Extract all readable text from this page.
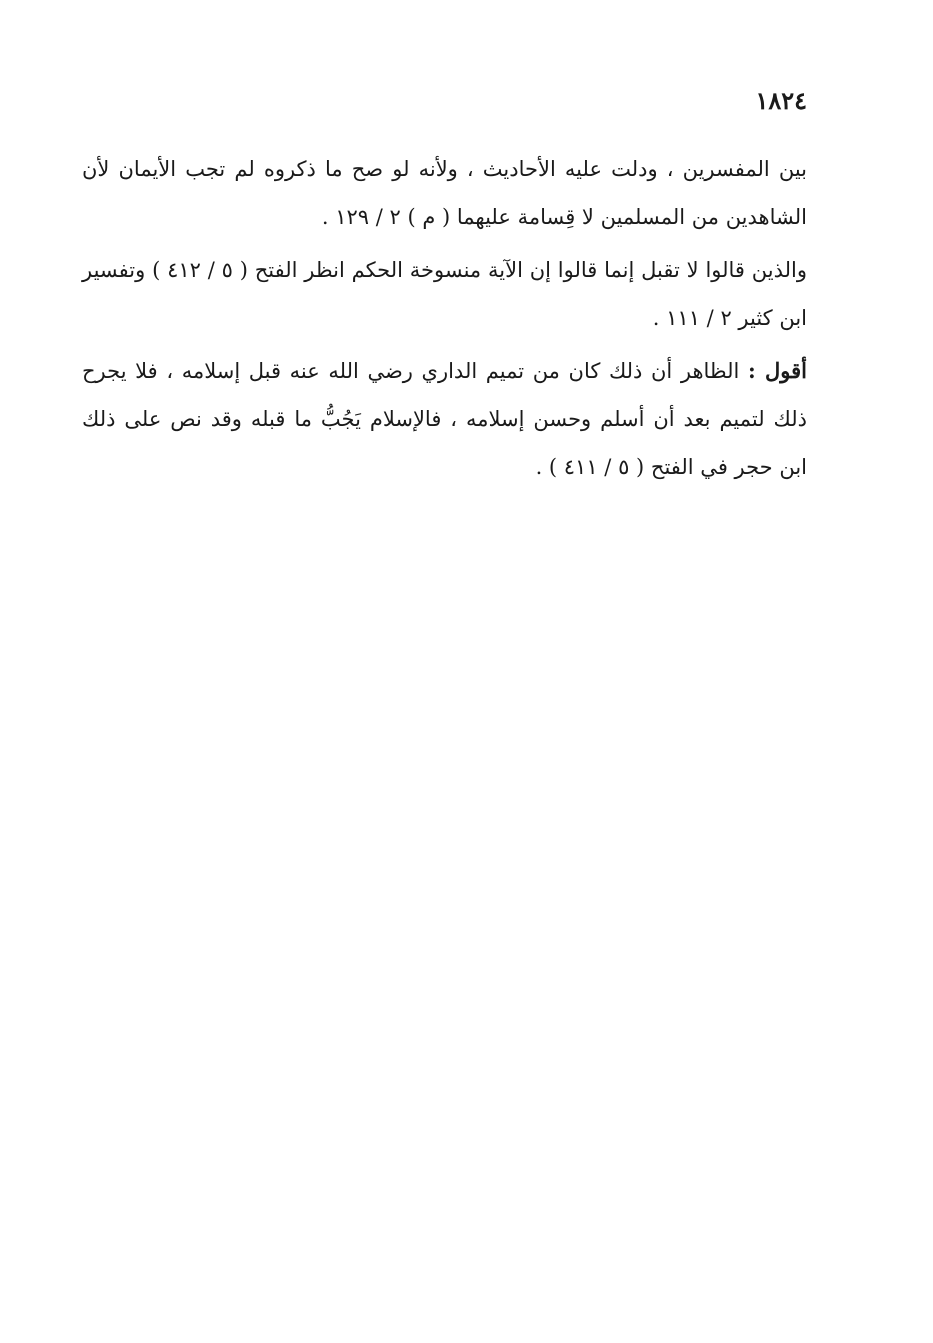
١٨٢٤

بين المفسرين ، ودلت عليه الأحاديث ، ولأنه لو صح ما ذكروه لم تجب الأيمان لأن الشاهدين من المسلمين لا قِسامة عليهما ( م ) ٢ / ١٢٩ .

والذين قالوا لا تقبل إنما قالوا إن الآية منسوخة الحكم انظر الفتح ( ٥ / ٤١٢ ) وتفسير ابن كثير ٢ / ١١١ .

أقول : الظاهر أن ذلك كان من تميم الداري رضي الله عنه قبل إسلامه ، فلا يجرح ذلك لتميم بعد أن أسلم وحسن إسلامه ، فالإسلام يَجُبُّ ما قبله وقد نص على ذلك ابن حجر في الفتح ( ٥ / ٤١١ ) .
